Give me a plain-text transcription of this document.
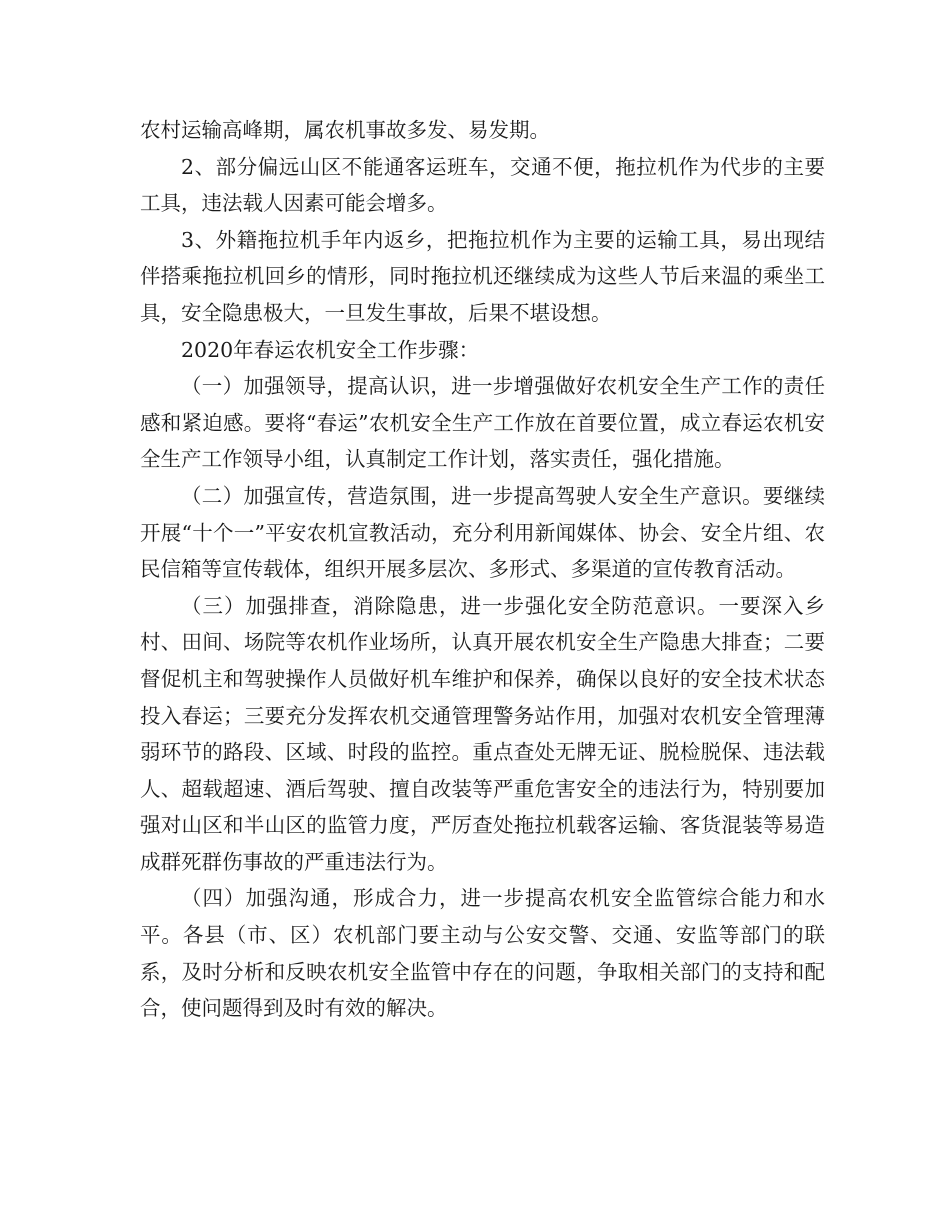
农村运输高峰期，属农机事故多发、易发期。

2、部分偏远山区不能通客运班车，交通不便，拖拉机作为代步的主要工具，违法载人因素可能会增多。

3、外籍拖拉机手年内返乡，把拖拉机作为主要的运输工具，易出现结伴搭乘拖拉机回乡的情形，同时拖拉机还继续成为这些人节后来温的乘坐工具，安全隐患极大，一旦发生事故，后果不堪设想。

2020年春运农机安全工作步骤：

（一）加强领导，提高认识，进一步增强做好农机安全生产工作的责任感和紧迫感。要将“春运”农机安全生产工作放在首要位置，成立春运农机安全生产工作领导小组，认真制定工作计划，落实责任，强化措施。

（二）加强宣传，营造氛围，进一步提高驾驶人安全生产意识。要继续开展“十个一”平安农机宣教活动，充分利用新闻媒体、协会、安全片组、农民信箱等宣传载体，组织开展多层次、多形式、多渠道的宣传教育活动。

（三）加强排查，消除隐患，进一步强化安全防范意识。一要深入乡村、田间、场院等农机作业场所，认真开展农机安全生产隐患大排查；二要督促机主和驾驶操作人员做好机车维护和保养，确保以良好的安全技术状态投入春运；三要充分发挥农机交通管理警务站作用，加强对农机安全管理薄弱环节的路段、区域、时段的监控。重点查处无牌无证、脱检脱保、违法载人、超载超速、酒后驾驶、擅自改装等严重危害安全的违法行为，特别要加强对山区和半山区的监管力度，严厉查处拖拉机载客运输、客货混装等易造成群死群伤事故的严重违法行为。

（四）加强沟通，形成合力，进一步提高农机安全监管综合能力和水平。各县（市、区）农机部门要主动与公安交警、交通、安监等部门的联系，及时分析和反映农机安全监管中存在的问题，争取相关部门的支持和配合，使问题得到及时有效的解决。
